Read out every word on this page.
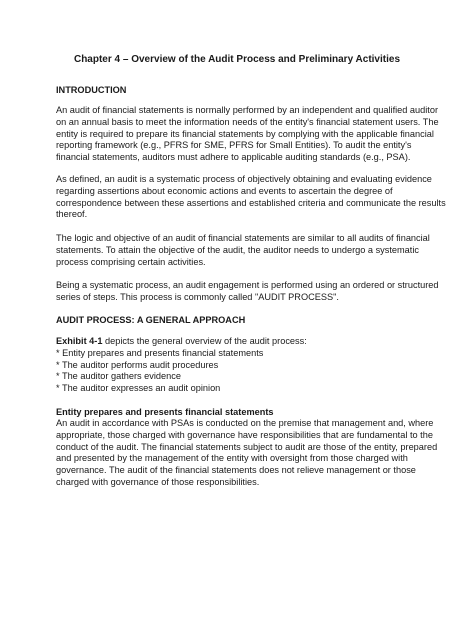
Chapter 4 – Overview of the Audit Process and Preliminary Activities
INTRODUCTION
An audit of financial statements is normally performed by an independent and qualified auditor
on an annual basis to meet the information needs of the entity's financial statement users. The
entity is required to prepare its financial statements by complying with the applicable financial
reporting framework (e.g., PFRS for SME, PFRS for Small Entities). To audit the entity's
financial statements, auditors must adhere to applicable auditing standards (e.g., PSA).
As defined, an audit is a systematic process of objectively obtaining and evaluating evidence
regarding assertions about economic actions and events to ascertain the degree of
correspondence between these assertions and established criteria and communicate the results
thereof.
The logic and objective of an audit of financial statements are similar to all audits of financial
statements. To attain the objective of the audit, the auditor needs to undergo a systematic
process comprising certain activities.
Being a systematic process, an audit engagement is performed using an ordered or structured
series of steps. This process is commonly called "AUDIT PROCESS".
AUDIT PROCESS: A GENERAL APPROACH
Exhibit 4-1 depicts the general overview of the audit process:
* Entity prepares and presents financial statements
* The auditor performs audit procedures
* The auditor gathers evidence
* The auditor expresses an audit opinion
Entity prepares and presents financial statements
An audit in accordance with PSAs is conducted on the premise that management and, where
appropriate, those charged with governance have responsibilities that are fundamental to the
conduct of the audit. The financial statements subject to audit are those of the entity, prepared
and presented by the management of the entity with oversight from those charged with
governance. The audit of the financial statements does not relieve management or those
charged with governance of those responsibilities.
